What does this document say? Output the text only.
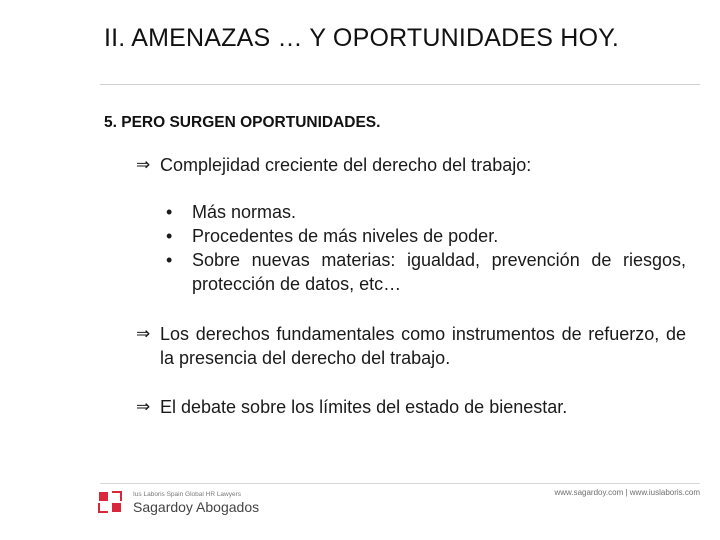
II. AMENAZAS … Y OPORTUNIDADES HOY.
5. PERO SURGEN OPORTUNIDADES.
⇒ Complejidad creciente del derecho del trabajo:
• Más normas.
• Procedentes de más niveles de poder.
• Sobre nuevas materias: igualdad, prevención de riesgos, protección de datos, etc…
⇒ Los derechos fundamentales como instrumentos de refuerzo, de la presencia del derecho del trabajo.
⇒ El debate sobre los límites del estado de bienestar.
Ius Laboris Spain Global HR Lawyers
Sagardoy Abogados
www.sagardoy.com | www.iuslaboris.com
